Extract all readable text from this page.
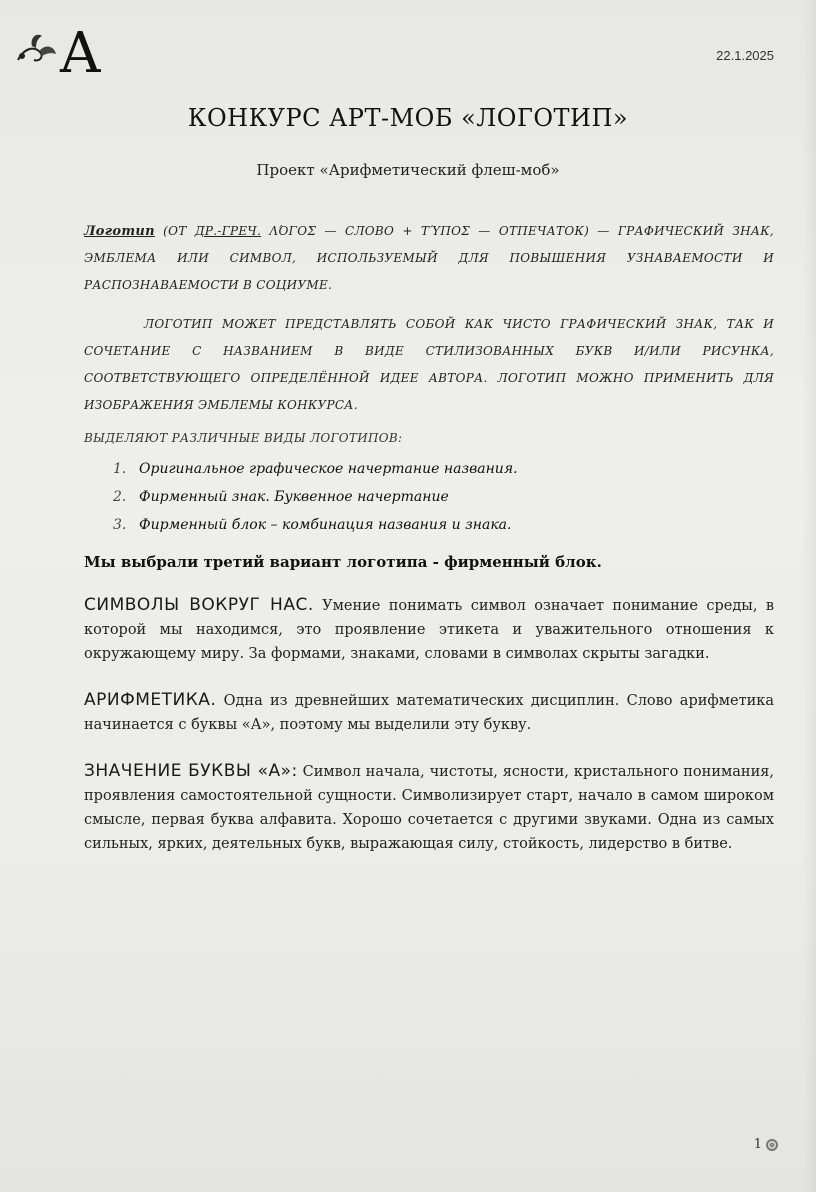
A	22.1.2025
КОНКУРС АРТ-МОБ «ЛОГОТИП»
Проект «Арифметический флеш-моб»

Логотип (ОТ ДР.-ГРЕЧ. ΛΌΓΟΣ — СЛОВО + ΤΎΠΟΣ — ОТПЕЧАТОК) — ГРАФИЧЕСКИЙ ЗНАК, ЭМБЛЕМА ИЛИ СИМВОЛ, ИСПОЛЬЗУЕМЫЙ ДЛЯ ПОВЫШЕНИЯ УЗНАВАЕМОСТИ И РАСПОЗНАВАЕМОСТИ В СОЦИУМЕ.

ЛОГОТИП МОЖЕТ ПРЕДСТАВЛЯТЬ СОБОЙ КАК ЧИСТО ГРАФИЧЕСКИЙ ЗНАК, ТАК И СОЧЕТАНИЕ С НАЗВАНИЕМ В ВИДЕ СТИЛИЗОВАННЫХ БУКВ И/ИЛИ РИСУНКА, СООТВЕТСТВУЮЩЕГО ОПРЕДЕЛЁННОЙ ИДЕЕ АВТОРА. ЛОГОТИП МОЖНО ПРИМЕНИТЬ ДЛЯ ИЗОБРАЖЕНИЯ ЭМБЛЕМЫ КОНКУРСА.

ВЫДЕЛЯЮТ РАЗЛИЧНЫЕ ВИДЫ ЛОГОТИПОВ:
1. Оригинальное графическое начертание названия.
2. Фирменный знак. Буквенное начертание
3. Фирменный блок – комбинация названия и знака.
Мы выбрали третий вариант логотипа - фирменный блок.
СИМВОЛЫ ВОКРУГ НАС. Умение понимать символ означает понимание среды, в которой мы находимся, это проявление этикета и уважительного отношения к окружающему миру. За формами, знаками, словами в символах скрыты загадки.
АРИФМЕТИКА. Одна из древнейших математических дисциплин. Слово арифметика начинается с буквы «А», поэтому мы выделили эту букву.
ЗНАЧЕНИЕ БУКВЫ «А»: Символ начала, чистоты, ясности, кристального понимания, проявления самостоятельной сущности. Символизирует старт, начало в самом широком смысле, первая буква алфавита. Хорошо сочетается с другими звуками. Одна из самых сильных, ярких, деятельных букв, выражающая силу, стойкость, лидерство в битве.
1
